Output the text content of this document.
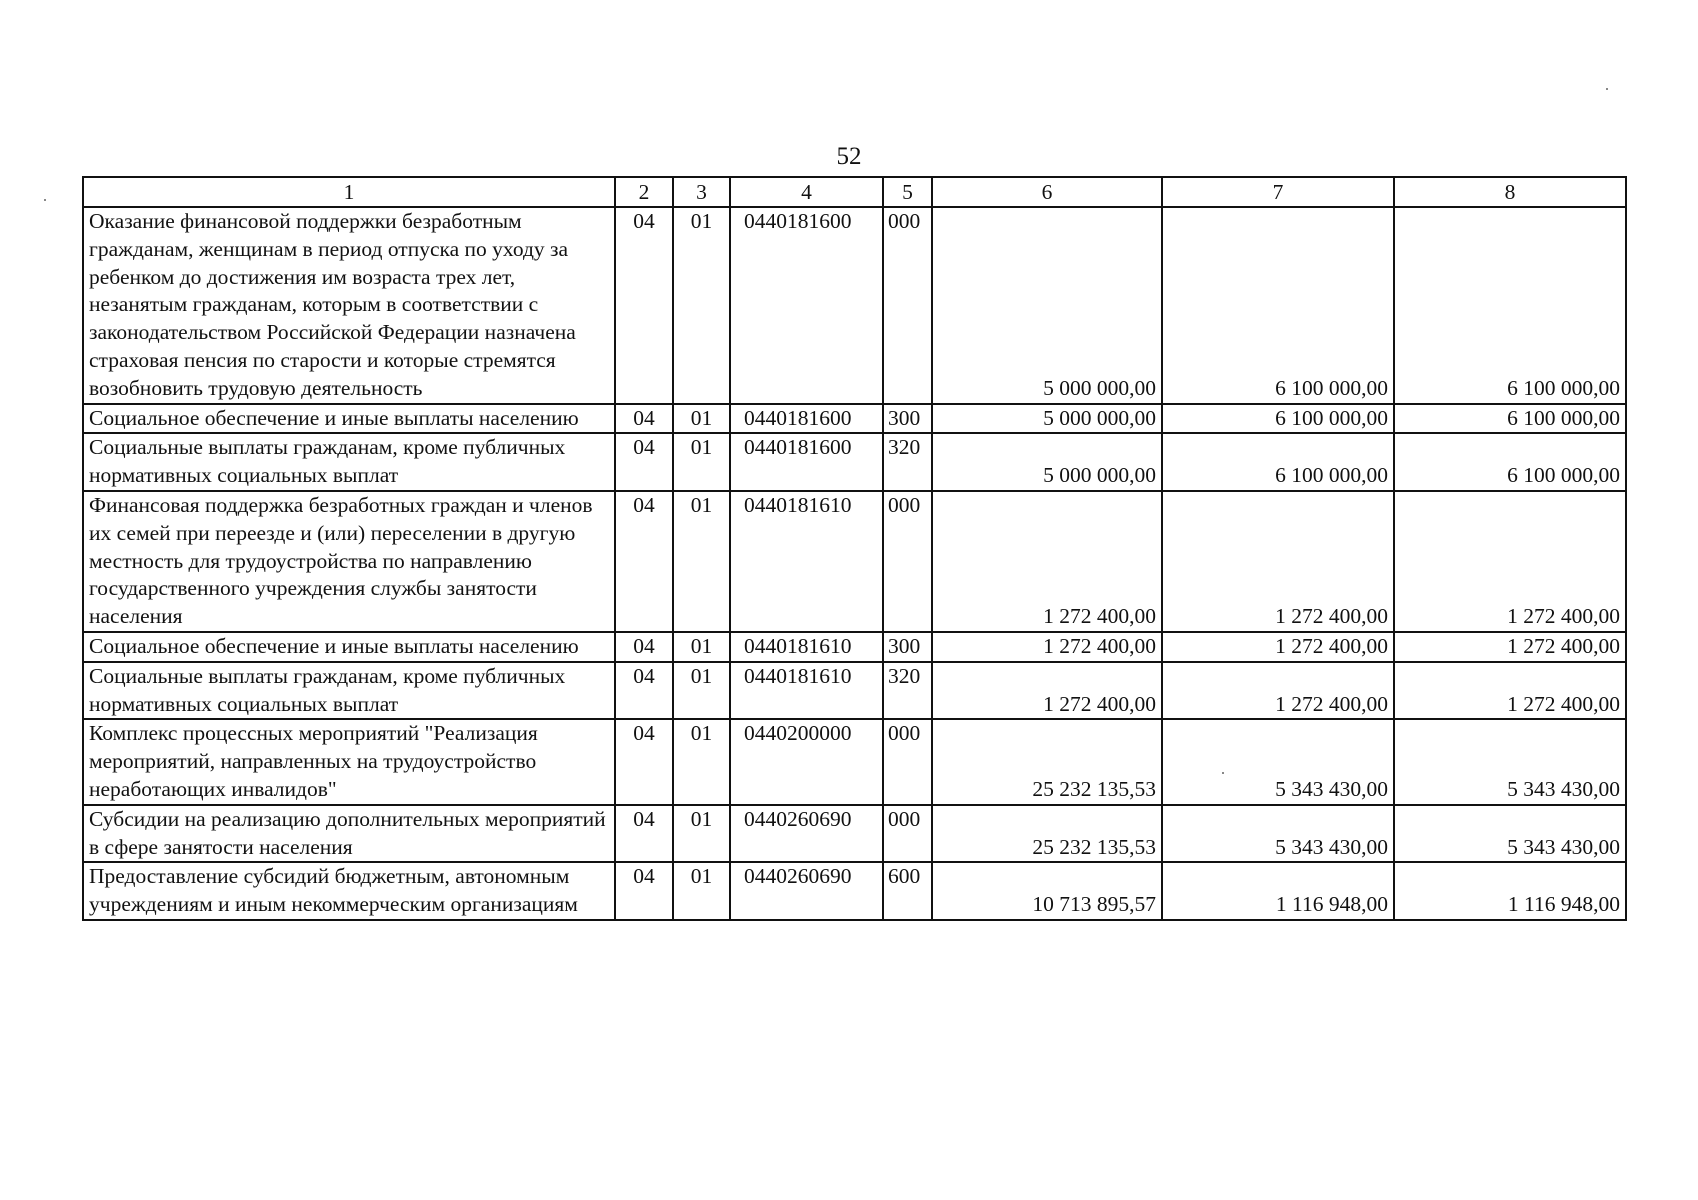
52
1	2	3	4	5	6	7	8
Оказание финансовой поддержки безработным гражданам, женщинам в период отпуска по уходу за ребенком до достижения им возраста трех лет, незанятым гражданам, которым в соответствии с законодательством Российской Федерации назначена страховая пенсия по старости и которые стремятся возобновить трудовую деятельность	04	01	0440181600	000	5 000 000,00	6 100 000,00	6 100 000,00
Социальное обеспечение и иные выплаты населению	04	01	0440181600	300	5 000 000,00	6 100 000,00	6 100 000,00
Социальные выплаты гражданам, кроме публичных нормативных социальных выплат	04	01	0440181600	320	5 000 000,00	6 100 000,00	6 100 000,00
Финансовая поддержка безработных граждан и членов их семей при переезде и (или) переселении в другую местность для трудоустройства по направлению государственного учреждения службы занятости населения	04	01	0440181610	000	1 272 400,00	1 272 400,00	1 272 400,00
Социальное обеспечение и иные выплаты населению	04	01	0440181610	300	1 272 400,00	1 272 400,00	1 272 400,00
Социальные выплаты гражданам, кроме публичных нормативных социальных выплат	04	01	0440181610	320	1 272 400,00	1 272 400,00	1 272 400,00
Комплекс процессных мероприятий "Реализация мероприятий, направленных на трудоустройство неработающих инвалидов"	04	01	0440200000	000	25 232 135,53	5 343 430,00	5 343 430,00
Субсидии на реализацию дополнительных мероприятий в сфере занятости населения	04	01	0440260690	000	25 232 135,53	5 343 430,00	5 343 430,00
Предоставление субсидий бюджетным, автономным учреждениям и иным некоммерческим организациям	04	01	0440260690	600	10 713 895,57	1 116 948,00	1 116 948,00
